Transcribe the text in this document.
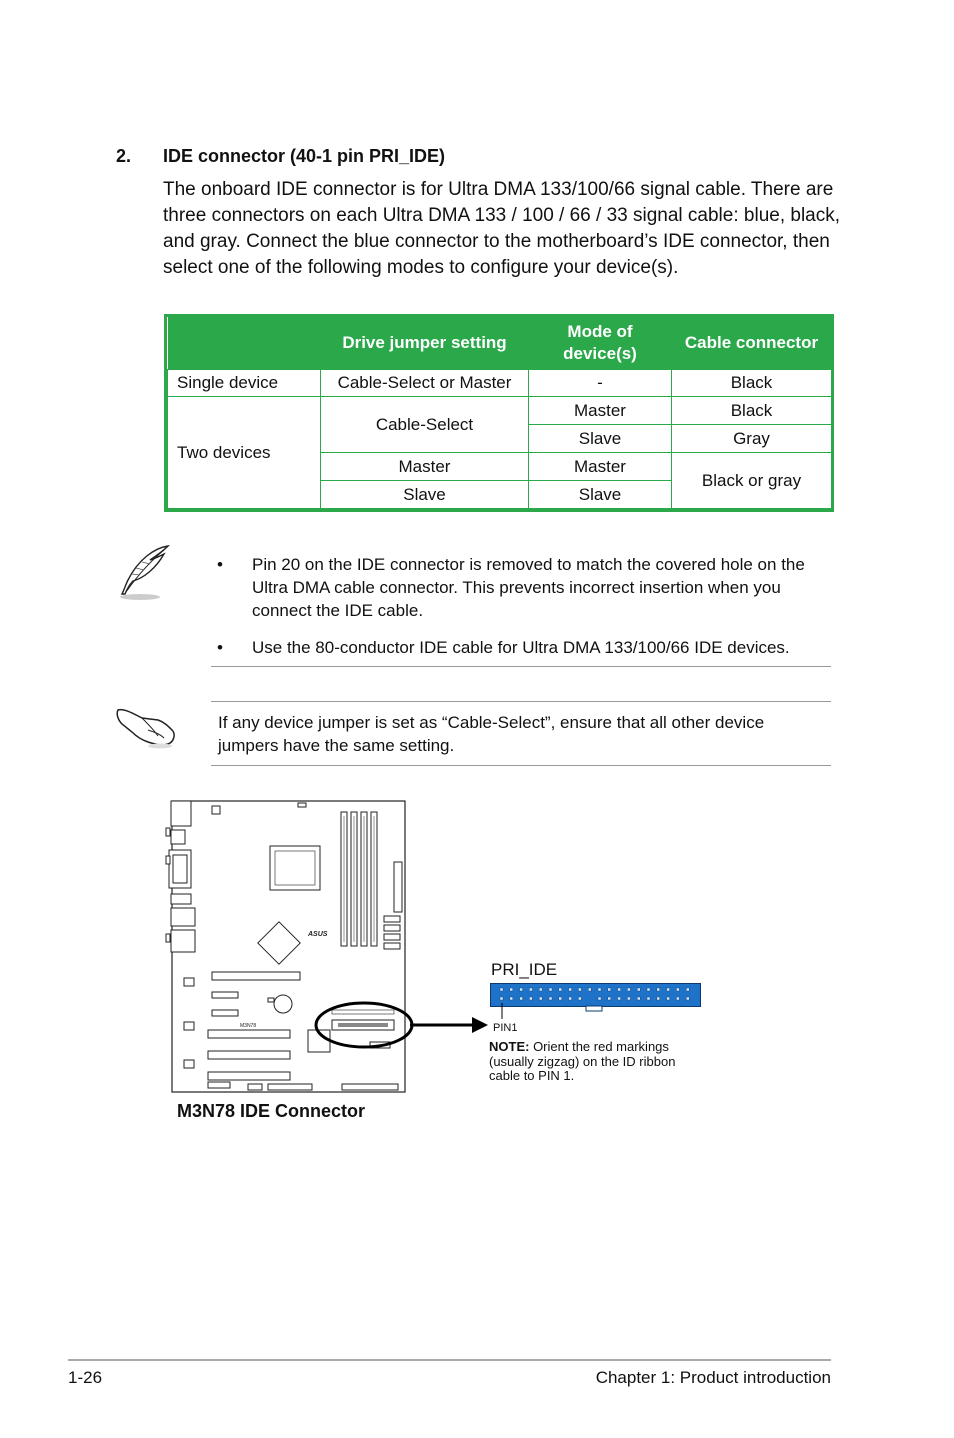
2. IDE connector (40-1 pin PRI_IDE)
The onboard IDE connector is for Ultra DMA 133/100/66 signal cable. There are three connectors on each Ultra DMA 133 / 100 / 66 / 33 signal cable: blue, black, and gray. Connect the blue connector to the motherboard’s IDE connector, then select one of the following modes to configure your device(s).
	Drive jumper setting	Mode of device(s)	Cable connector
Single device	Cable-Select or Master	-	Black
Two devices	Cable-Select	Master	Black
		Slave	Gray
	Master	Master	Black or gray
	Slave	Slave	
• Pin 20 on the IDE connector is removed to match the covered hole on the Ultra DMA cable connector. This prevents incorrect insertion when you connect the IDE cable.
• Use the 80-conductor IDE cable for Ultra DMA 133/100/66 IDE devices.
If any device jumper is set as “Cable-Select”, ensure that all other device jumpers have the same setting.
ASUS
M3N78
PRI_IDE
PIN1
NOTE: Orient the red markings (usually zigzag) on the ID ribbon cable to PIN 1.
M3N78 IDE Connector
1-26	Chapter 1: Product introduction
